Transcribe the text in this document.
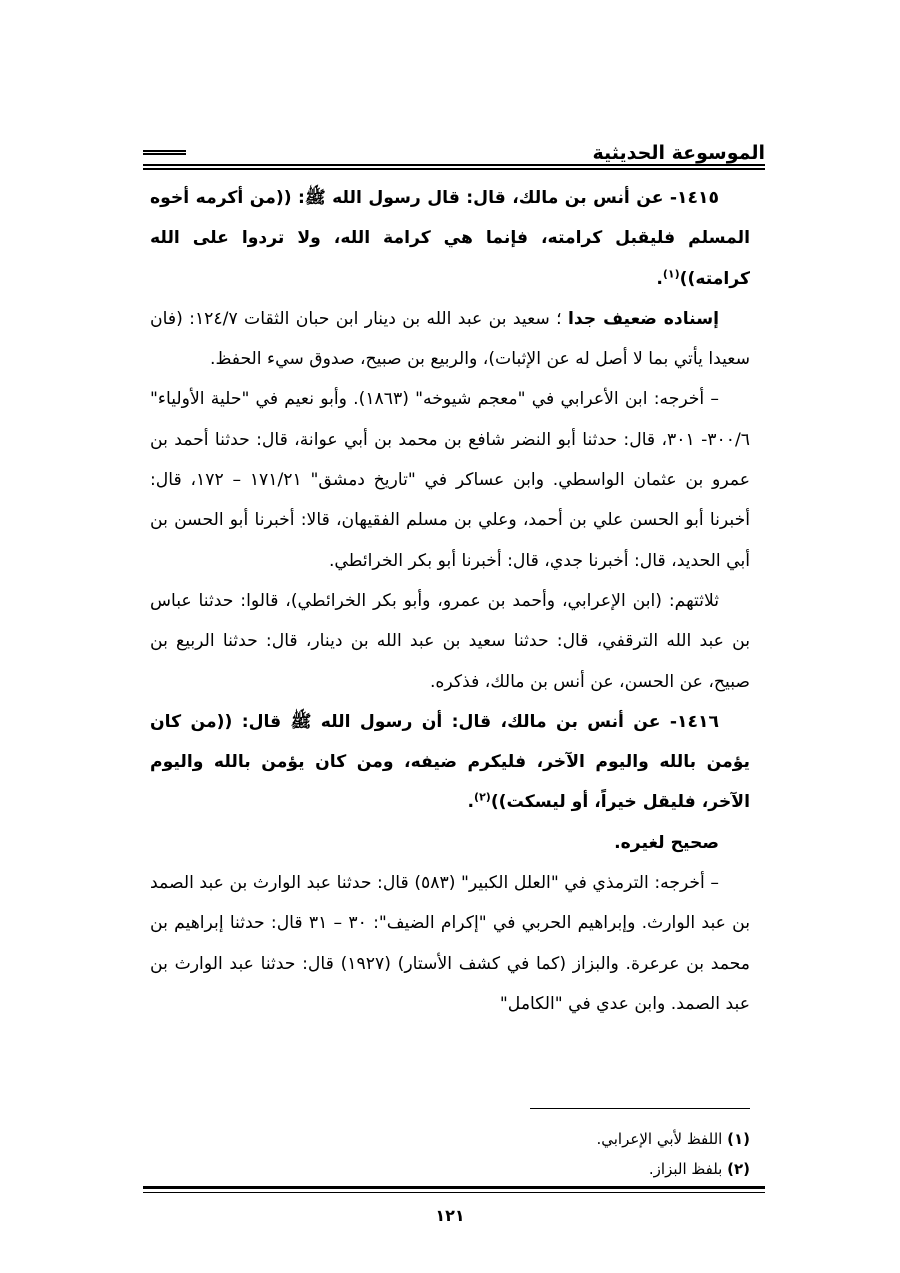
الموسوعة الحديثية

١٤١٥- عن أنس بن مالك، قال: قال رسول الله ﷺ: ((من أكرمه أخوه المسلم فليقبل كرامته، فإنما هي كرامة الله، ولا تردوا على الله كرامته))$^{(١)}$.

إسناده ضعيف جدا ؛ سعيد بن عبد الله بن دينار ابن حبان الثقات ١٢٤/٧: (فان سعيدا يأتي بما لا أصل له عن الإثبات)، والربيع بن صبيح، صدوق سيء الحفظ.

– أخرجه: ابن الأعرابي في "معجم شيوخه" (١٨٦٣). وأبو نعيم في "حلية الأولياء" ٣٠٠/٦- ٣٠١، قال: حدثنا أبو النضر شافع بن محمد بن أبي عوانة، قال: حدثنا أحمد بن عمرو بن عثمان الواسطي. وابن عساكر في "تاريخ دمشق" ١٧١/٢١ – ١٧٢، قال: أخبرنا أبو الحسن علي بن أحمد، وعلي بن مسلم الفقيهان، قالا: أخبرنا أبو الحسن بن أبي الحديد، قال: أخبرنا جدي، قال: أخبرنا أبو بكر الخرائطي.

ثلاثتهم: (ابن الإعرابي، وأحمد بن عمرو، وأبو بكر الخرائطي)، قالوا: حدثنا عباس بن عبد الله الترقفي، قال: حدثنا سعيد بن عبد الله بن دينار، قال: حدثنا الربيع بن صبيح، عن الحسن، عن أنس بن مالك، فذكره.

١٤١٦- عن أنس بن مالك، قال: أن رسول الله ﷺ قال: ((من كان يؤمن بالله واليوم الآخر، فليكرم ضيفه، ومن كان يؤمن بالله واليوم الآخر، فليقل خيراً، أو ليسكت))$^{(٢)}$.

صحيح لغيره.

– أخرجه: الترمذي في "العلل الكبير" (٥٨٣) قال: حدثنا عبد الوارث بن عبد الصمد بن عبد الوارث. وإبراهيم الحربي في "إكرام الضيف": ٣٠ – ٣١ قال: حدثنا إبراهيم بن محمد بن عرعرة. والبزاز (كما في كشف الأستار) (١٩٢٧) قال: حدثنا عبد الوارث بن عبد الصمد. وابن عدي في "الكامل"

(١) اللفظ لأبي الإعرابي.

(٢) بلفظ البزاز.

١٢١
